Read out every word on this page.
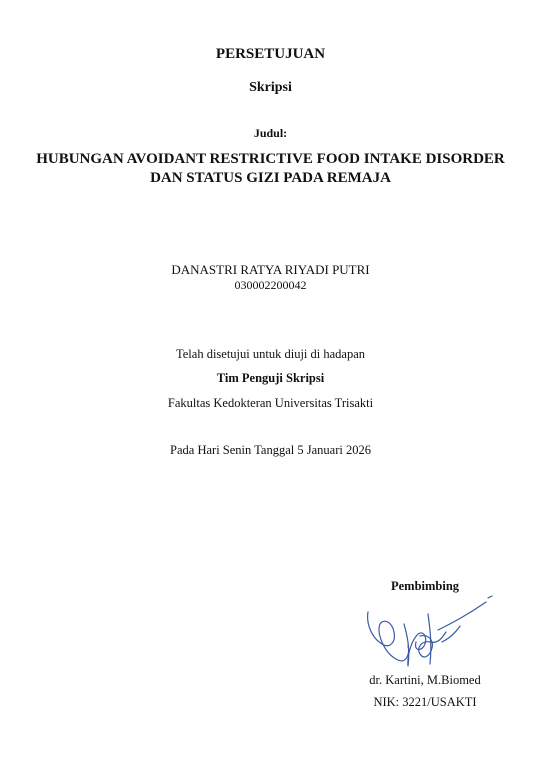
PERSETUJUAN
Skripsi
Judul:
HUBUNGAN AVOIDANT RESTRICTIVE FOOD INTAKE DISORDER
DAN STATUS GIZI PADA REMAJA
DANASTRI RATYA RIYADI PUTRI
030002200042
Telah disetujui untuk diuji di hadapan
Tim Penguji Skripsi
Fakultas Kedokteran Universitas Trisakti
Pada Hari Senin Tanggal 5 Januari 2026
Pembimbing
dr. Kartini, M.Biomed
NIK: 3221/USAKTI
